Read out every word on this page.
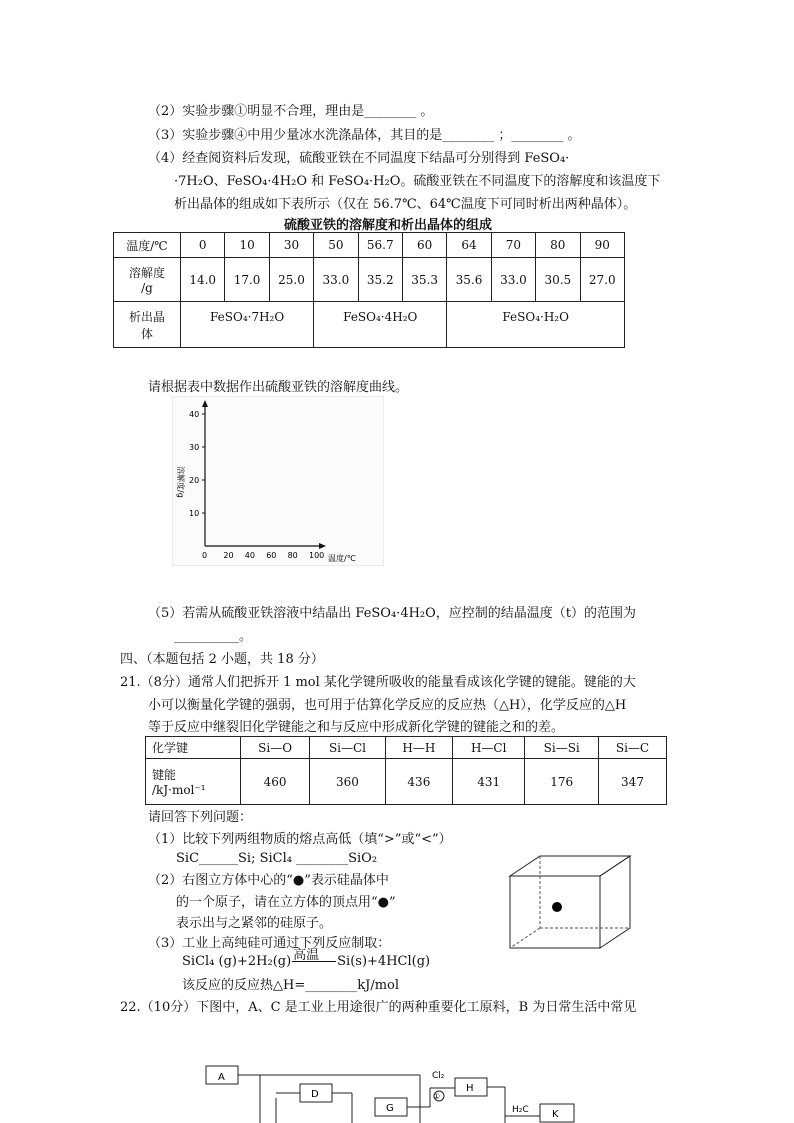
（2）实验步骤①明显不合理，理由是________ 。
（3）实验步骤④中用少量冰水洗涤晶体，其目的是________ ；________ 。
（4）经查阅资料后发现，硫酸亚铁在不同温度下结晶可分别得到 FeSO₄·
·7H₂O、FeSO₄·4H₂O 和 FeSO₄·H₂O。硫酸亚铁在不同温度下的溶解度和该温度下
析出晶体的组成如下表所示（仅在 56.7℃、64℃温度下可同时析出两种晶体）。
硫酸亚铁的溶解度和析出晶体的组成
温度/℃	0	10	30	50	56.7	60	64	70	80	90
溶解度
/g	14.0	17.0	25.0	33.0	35.2	35.3	35.6	33.0	30.5	27.0
析出晶
体	FeSO₄·7H₂O			FeSO₄·4H₂O			FeSO₄·H₂O			
请根据表中数据作出硫酸亚铁的溶解度曲线。
10
20
30
40
0 20 40 60 80 100
溶解度/g
温度/℃
（5）若需从硫酸亚铁溶液中结晶出 FeSO₄·4H₂O，应控制的结晶温度（t）的范围为
__________。
四、（本题包括 2 小题，共 18 分）
21.（8分）通常人们把拆开 1 mol 某化学键所吸收的能量看成该化学键的键能。键能的大
小可以衡量化学键的强弱，也可用于估算化学反应的反应热（△H），化学反应的△H
等于反应中继裂旧化学键能之和与反应中形成新化学键的键能之和的差。
化学键	Si—O	Si—Cl	H—H	H—Cl	Si—Si	Si—C
键能
/kJ·mol⁻¹	460	360	436	431	176	347
请回答下列问题：
（1）比较下列两组物质的熔点高低（填“>”或“<”）
SiC______Si; SiCl₄ ________SiO₂
（2）右图立方体中心的“●”表示硅晶体中
的一个原子，请在立方体的顶点用“●”
表示出与之紧邻的硅原子。
（3）工业上高纯硅可通过下列反应制取：
SiCl₄ (g)+2H₂(g) 高温 Si(s)+4HCl(g)
该反应的反应热△H=________kJ/mol
22.（10分）下图中，A、C 是工业上用途很广的两种重要化工原料，B 为日常生活中常见
A
D
G
Cl₂
①
H
H₂C K
